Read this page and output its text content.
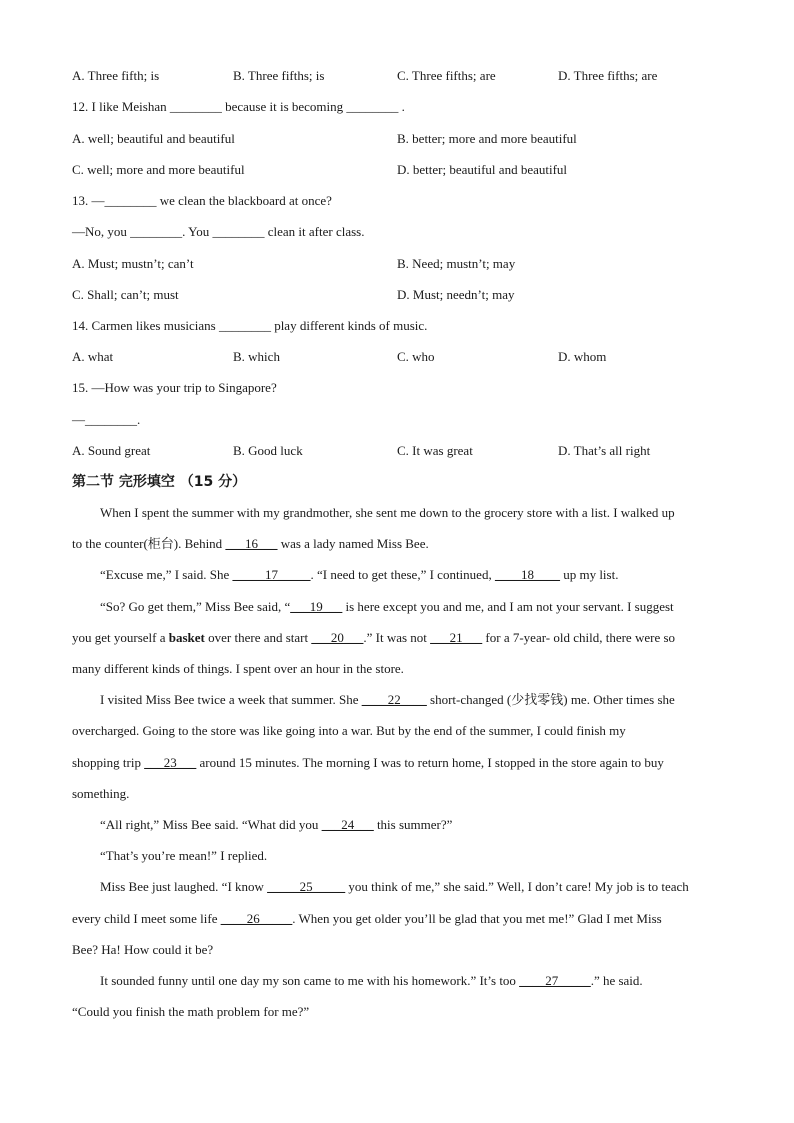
A. Three fifth; is	B. Three fifths; is	C. Three fifths; are	D. Three fifths; are
12. I like Meishan ________ because it is becoming ________ .
A. well; beautiful and beautiful	B. better; more and more beautiful
C. well; more and more beautiful	D. better; beautiful and beautiful
13. —________ we clean the blackboard at once?
—No, you ________. You ________ clean it after class.
A. Must; mustn’t; can’t	B. Need; mustn’t; may
C. Shall; can’t; must	D. Must; needn’t; may
14. Carmen likes musicians ________ play different kinds of music.
A. what	B. which	C. who	D. whom
15. —How was your trip to Singapore?
—________.
A. Sound great	B. Good luck	C. It was great	D. That’s all right
第二节 完形填空 （15 分）
When I spent the summer with my grandmother, she sent me down to the grocery store with a list. I walked up
to the counter(柜台). Behind ___16___ was a lady named Miss Bee.
“Excuse me,” I said. She _____17_____. “I need to get these,” I continued, ____18____ up my list.
“So? Go get them,” Miss Bee said, “___19___ is here except you and me, and I am not your servant. I suggest
you get yourself a basket over there and start ___20___.” It was not ___21___ for a 7-year- old child, there were so
many different kinds of things. I spent over an hour in the store.
I visited Miss Bee twice a week that summer. She ____22____ short-changed (少找零钱) me. Other times she
overcharged. Going to the store was like going into a war. But by the end of the summer, I could finish my
shopping trip ___23___ around 15 minutes. The morning I was to return home, I stopped in the store again to buy
something.
“All right,” Miss Bee said. “What did you ___24___ this summer?”
“That’s you’re mean!” I replied.
Miss Bee just laughed. “I know _____25_____ you think of me,” she said.” Well, I don’t care! My job is to teach
every child I meet some life ____26_____. When you get older you’ll be glad that you met me!” Glad I met Miss
Bee? Ha! How could it be?
It sounded funny until one day my son came to me with his homework.” It’s too ____27_____.” he said.
“Could you finish the math problem for me?”
